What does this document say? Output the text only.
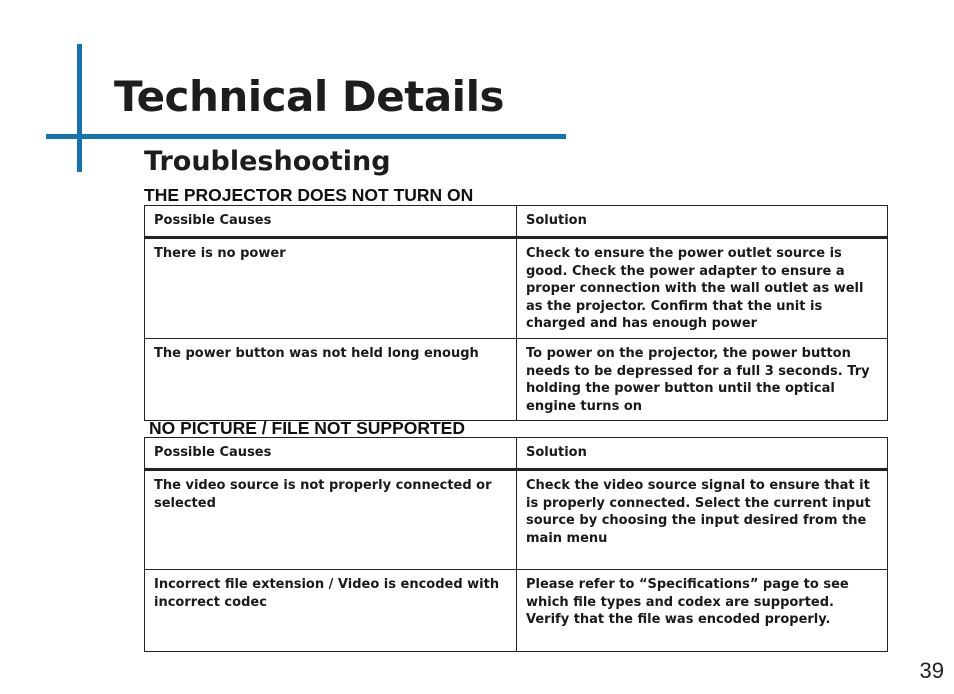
Technical Details
Troubleshooting
THE PROJECTOR DOES NOT TURN ON
Possible Causes	Solution
There is no power	Check to ensure the power outlet source is good. Check the power adapter to ensure a proper connection with the wall outlet as well as the projector. Confirm that the unit is charged and has enough power
The power button was not held long enough	To power on the projector, the power button needs to be depressed for a full 3 seconds. Try holding the power button until the optical engine turns on
NO PICTURE / FILE NOT SUPPORTED
Possible Causes	Solution
The video source is not properly connected or selected	Check the video source signal to ensure that it is properly connected. Select the current input source by choosing the input desired from the main menu
Incorrect file extension / Video is encoded with incorrect codec	Please refer to “Specifications” page to see which file types and codex are supported. Verify that the file was encoded properly.
39
